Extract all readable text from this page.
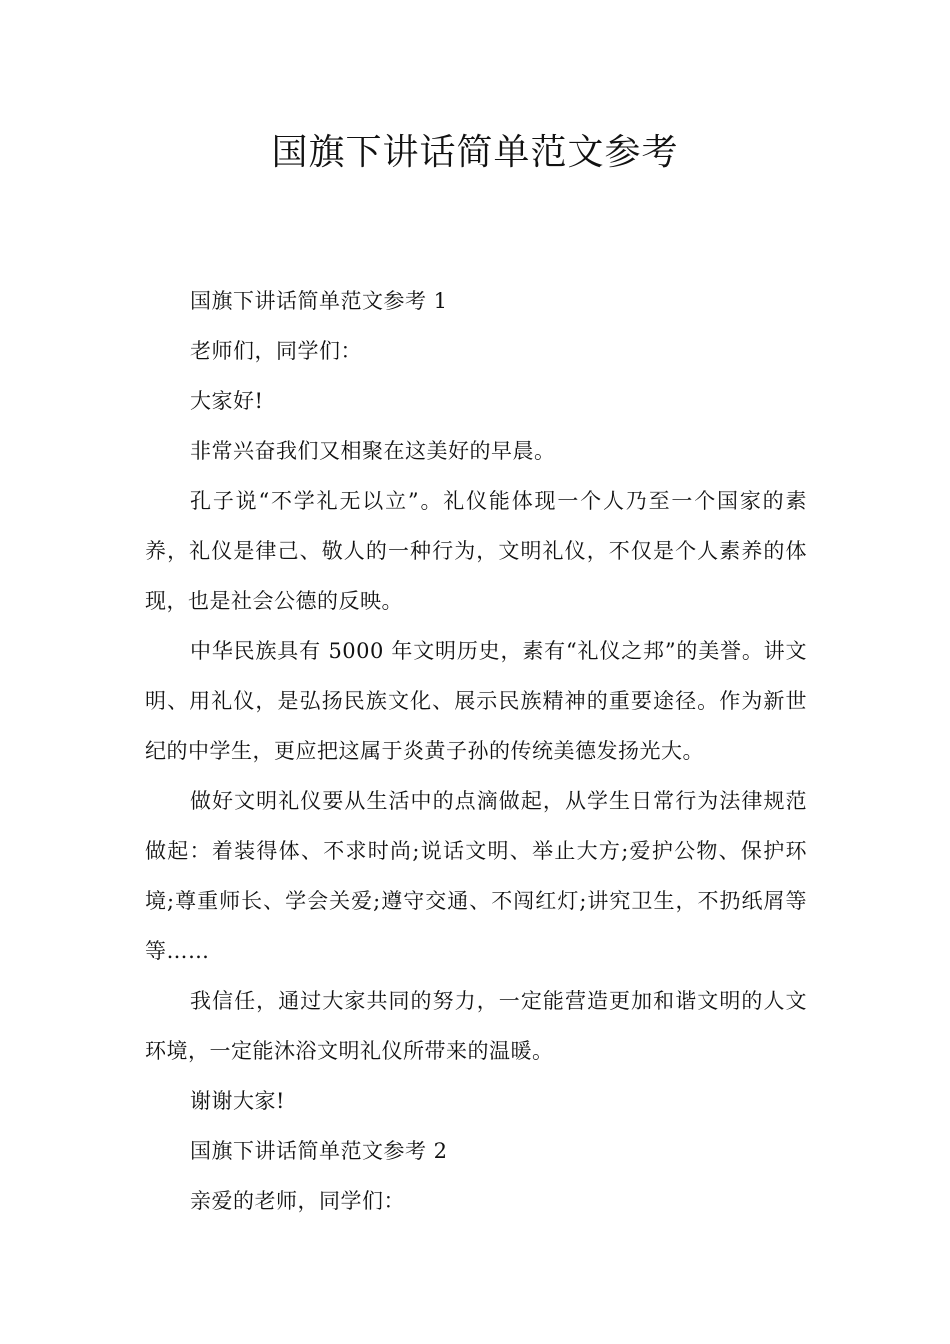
国旗下讲话简单范文参考

国旗下讲话简单范文参考 1

老师们，同学们：

大家好!

非常兴奋我们又相聚在这美好的早晨。

孔子说“不学礼无以立”。礼仪能体现一个人乃至一个国家的素养，礼仪是律己、敬人的一种行为，文明礼仪，不仅是个人素养的体现，也是社会公德的反映。

中华民族具有 5000 年文明历史，素有“礼仪之邦”的美誉。讲文明、用礼仪，是弘扬民族文化、展示民族精神的重要途径。作为新世纪的中学生，更应把这属于炎黄子孙的传统美德发扬光大。

做好文明礼仪要从生活中的点滴做起，从学生日常行为法律规范做起：着装得体、不求时尚;说话文明、举止大方;爱护公物、保护环境;尊重师长、学会关爱;遵守交通、不闯红灯;讲究卫生，不扔纸屑等等……

我信任，通过大家共同的努力，一定能营造更加和谐文明的人文环境，一定能沐浴文明礼仪所带来的温暖。

谢谢大家!

国旗下讲话简单范文参考 2

亲爱的老师，同学们：
